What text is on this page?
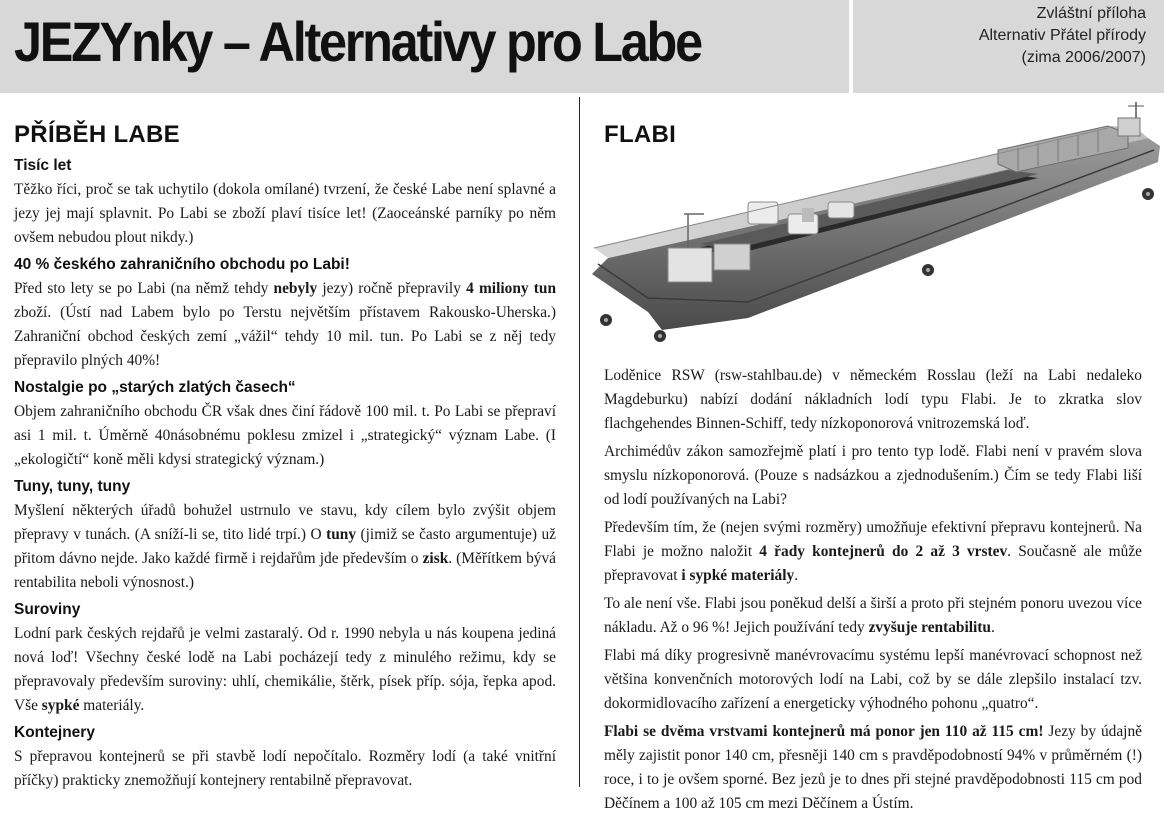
JEZYnky – Alternativy pro Labe	Zvláštní příloha
Alternativ Přátel přírody
(zima 2006/2007)
PŘÍBĚH LABE
Tisíc let

Těžko říci, proč se tak uchytilo (dokola omílané) tvrzení, že české Labe není splavné a jezy jej mají splavnit. Po Labi se zboží plaví tisíce let! (Zaoceánské parníky po něm ovšem nebudou plout nikdy.)

40 % českého zahraničního obchodu po Labi!

Před sto lety se po Labi (na němž tehdy nebyly jezy) ročně přepravily 4 miliony tun zboží. (Ústí nad Labem bylo po Terstu největším přístavem Rakousko-Uherska.) Zahraniční obchod českých zemí „vážil“ tehdy 10 mil. tun. Po Labi se z něj tedy přepravilo plných 40%!

Nostalgie po „starých zlatých časech“

Objem zahraničního obchodu ČR však dnes činí řádově 100 mil. t. Po Labi se přepraví asi 1 mil. t. Úměrně 40násobnému poklesu zmizel i „strategický“ význam Labe. (I „ekologičtí“ koně měli kdysi strategický význam.)

Tuny, tuny, tuny

Myšlení některých úřadů bohužel ustrnulo ve stavu, kdy cílem bylo zvýšit objem přepravy v tunách. (A sníží-li se, tito lidé trpí.) O tuny (jimiž se často argumentuje) už přitom dávno nejde. Jako každé firmě i rejdařům jde především o zisk. (Měřítkem bývá rentabilita neboli výnosnost.)

Suroviny

Lodní park českých rejdařů je velmi zastaralý. Od r. 1990 nebyla u nás koupena jediná nová loď! Všechny české lodě na Labi pocházejí tedy z minulého režimu, kdy se přepravovaly především suroviny: uhlí, chemikálie, štěrk, písek příp. sója, řepka apod. Vše sypké materiály.

Kontejnery

S přepravou kontejnerů se při stavbě lodí nepočítalo. Rozměry lodí (a také vnitřní příčky) prakticky znemožňují kontejnery rentabilně přepravovat.

FLABI

Loděnice RSW (rsw-stahlbau.de) v německém Rosslau (leží na Labi nedaleko Magdeburku) nabízí dodání nákladních lodí typu Flabi. Je to zkratka slov flachgehendes Binnen-Schiff, tedy nízkoponorová vnitrozemská loď.

Archimédův zákon samozřejmě platí i pro tento typ lodě. Flabi není v pravém slova smyslu nízkoponorová. (Pouze s nadsázkou a zjednodušením.) Čím se tedy Flabi liší od lodí používaných na Labi?

Především tím, že (nejen svými rozměry) umožňuje efektivní přepravu kontejnerů. Na Flabi je možno naložit 4 řady kontejnerů do 2 až 3 vrstev. Současně ale může přepravovat i sypké materiály.

To ale není vše. Flabi jsou poněkud delší a širší a proto při stejném ponoru uvezou více nákladu. Až o 96 %! Jejich používání tedy zvyšuje rentabilitu.

Flabi má díky progresivně manévrovacímu systému lepší manévrovací schopnost než většina konvenčních motorových lodí na Labi, což by se dále zlepšilo instalací tzv. dokormidlovacího zařízení a energeticky výhodného pohonu „quatro“.

Flabi se dvěma vrstvami kontejnerů má ponor jen 110 až 115 cm! Jezy by údajně měly zajistit ponor 140 cm, přesněji 140 cm s pravděpodobností 94% v průměrném (!) roce, i to je ovšem sporné. Bez jezů je to dnes při stejné pravděpodobnosti 115 cm pod Děčínem a 100 až 105 cm mezi Děčínem a Ústím.
